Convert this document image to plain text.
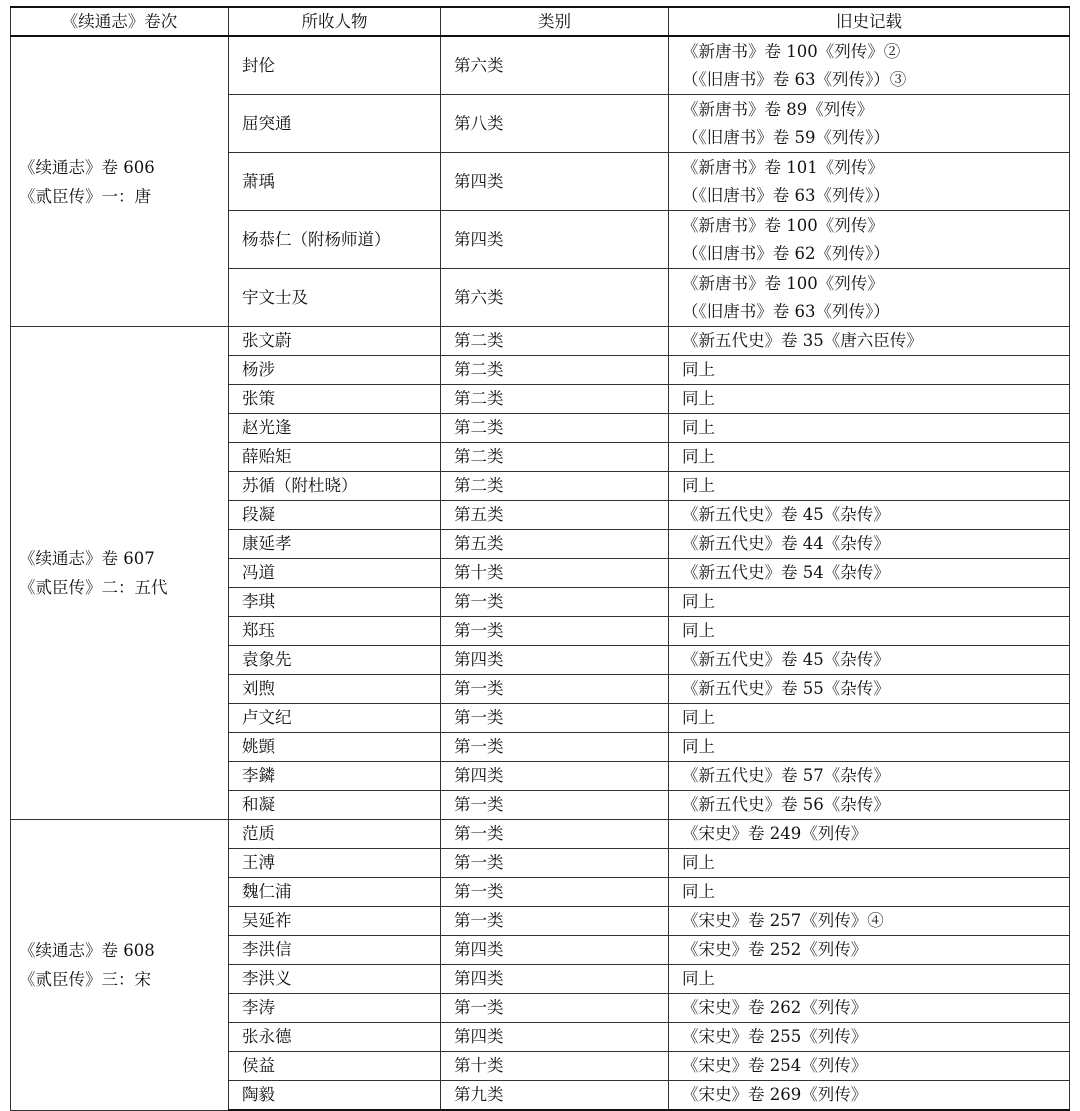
《续通志》卷次	所收人物	类别	旧史记载

《续通志》卷 606
《贰臣传》一：唐	封伦	第六类	《新唐书》卷 100《列传》②
（《旧唐书》卷 63《列传》）③

	屈突通	第八类	《新唐书》卷 89《列传》
（《旧唐书》卷 59《列传》）

	萧瑀	第四类	《新唐书》卷 101《列传》
（《旧唐书》卷 63《列传》）

	杨恭仁（附杨师道）	第四类	《新唐书》卷 100《列传》
（《旧唐书》卷 62《列传》）

	宇文士及	第六类	《新唐书》卷 100《列传》
（《旧唐书》卷 63《列传》）

《续通志》卷 607
《贰臣传》二：五代	张文蔚	第二类	《新五代史》卷 35《唐六臣传》

	杨涉	第二类	同上

	张策	第二类	同上

	赵光逢	第二类	同上

	薛贻矩	第二类	同上

	苏循（附杜晓）	第二类	同上

	段凝	第五类	《新五代史》卷 45《杂传》

	康延孝	第五类	《新五代史》卷 44《杂传》

	冯道	第十类	《新五代史》卷 54《杂传》

	李琪	第一类	同上

	郑珏	第一类	同上

	袁象先	第四类	《新五代史》卷 45《杂传》

	刘煦	第一类	《新五代史》卷 55《杂传》

	卢文纪	第一类	同上

	姚顗	第一类	同上

	李鏻	第四类	《新五代史》卷 57《杂传》

	和凝	第一类	《新五代史》卷 56《杂传》

《续通志》卷 608
《贰臣传》三：宋	范质	第一类	《宋史》卷 249《列传》

	王溥	第一类	同上

	魏仁浦	第一类	同上

	吴延祚	第一类	《宋史》卷 257《列传》④

	李洪信	第四类	《宋史》卷 252《列传》

	李洪义	第四类	同上

	李涛	第一类	《宋史》卷 262《列传》

	张永德	第四类	《宋史》卷 255《列传》

	侯益	第十类	《宋史》卷 254《列传》

	陶毅	第九类	《宋史》卷 269《列传》
